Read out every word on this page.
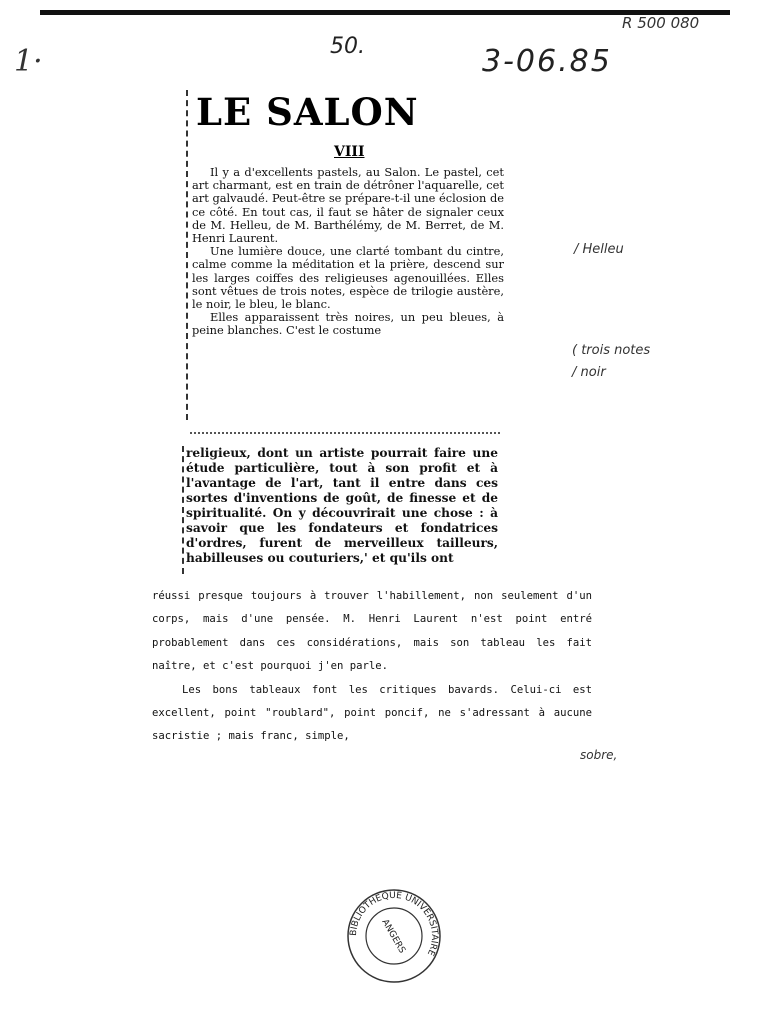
R 500 080
1·	50.	3-06.85
LE SALON
VIII

Il y a d'excellents pastels, au Salon. Le pastel, cet art charmant, est en train de détrôner l'aquarelle, cet art galvaudé. Peut-être se prépare-t-il une éclosion de ce côté. En tout cas, il faut se hâter de signaler ceux de M. Helleu, de M. Barthélémy, de M. Berret, de M. Henri Laurent.

Une lumière douce, une clarté tombant du cintre, calme comme la méditation et la prière, descend sur les larges coiffes des religieuses agenouillées. Elles sont vêtues de trois notes, espèce de trilogie austère, le noir, le bleu, le blanc.

Elles apparaissent très noires, un peu bleues, à peine blanches. C'est le costume

religieux, dont un artiste pourrait faire une étude particulière, tout à son profit et à l'avantage de l'art, tant il entre dans ces sortes d'inventions de goût, de finesse et de spiritualité. On y découvrirait une chose : à savoir que les fondateurs et fondatrices d'ordres, furent de merveilleux tailleurs, habilleuses ou couturiers,' et qu'ils ont

réussi presque toujours à trouver l'habillement, non seulement d'un corps, mais d'une pensée. M. Henri Laurent n'est point entré probablement dans ces considérations, mais son tableau les fait naître, et c'est pourquoi j'en parle.

Les bons tableaux font les critiques bavards. Celui-ci est excellent, point "roublard", point poncif, ne s'adressant à aucune sacristie ; mais franc, simple,

/ Helleu
( trois notes
/ noir
sobre,
BIBLIOTHÈQUE UNIVERSITAIRE
ANGERS
